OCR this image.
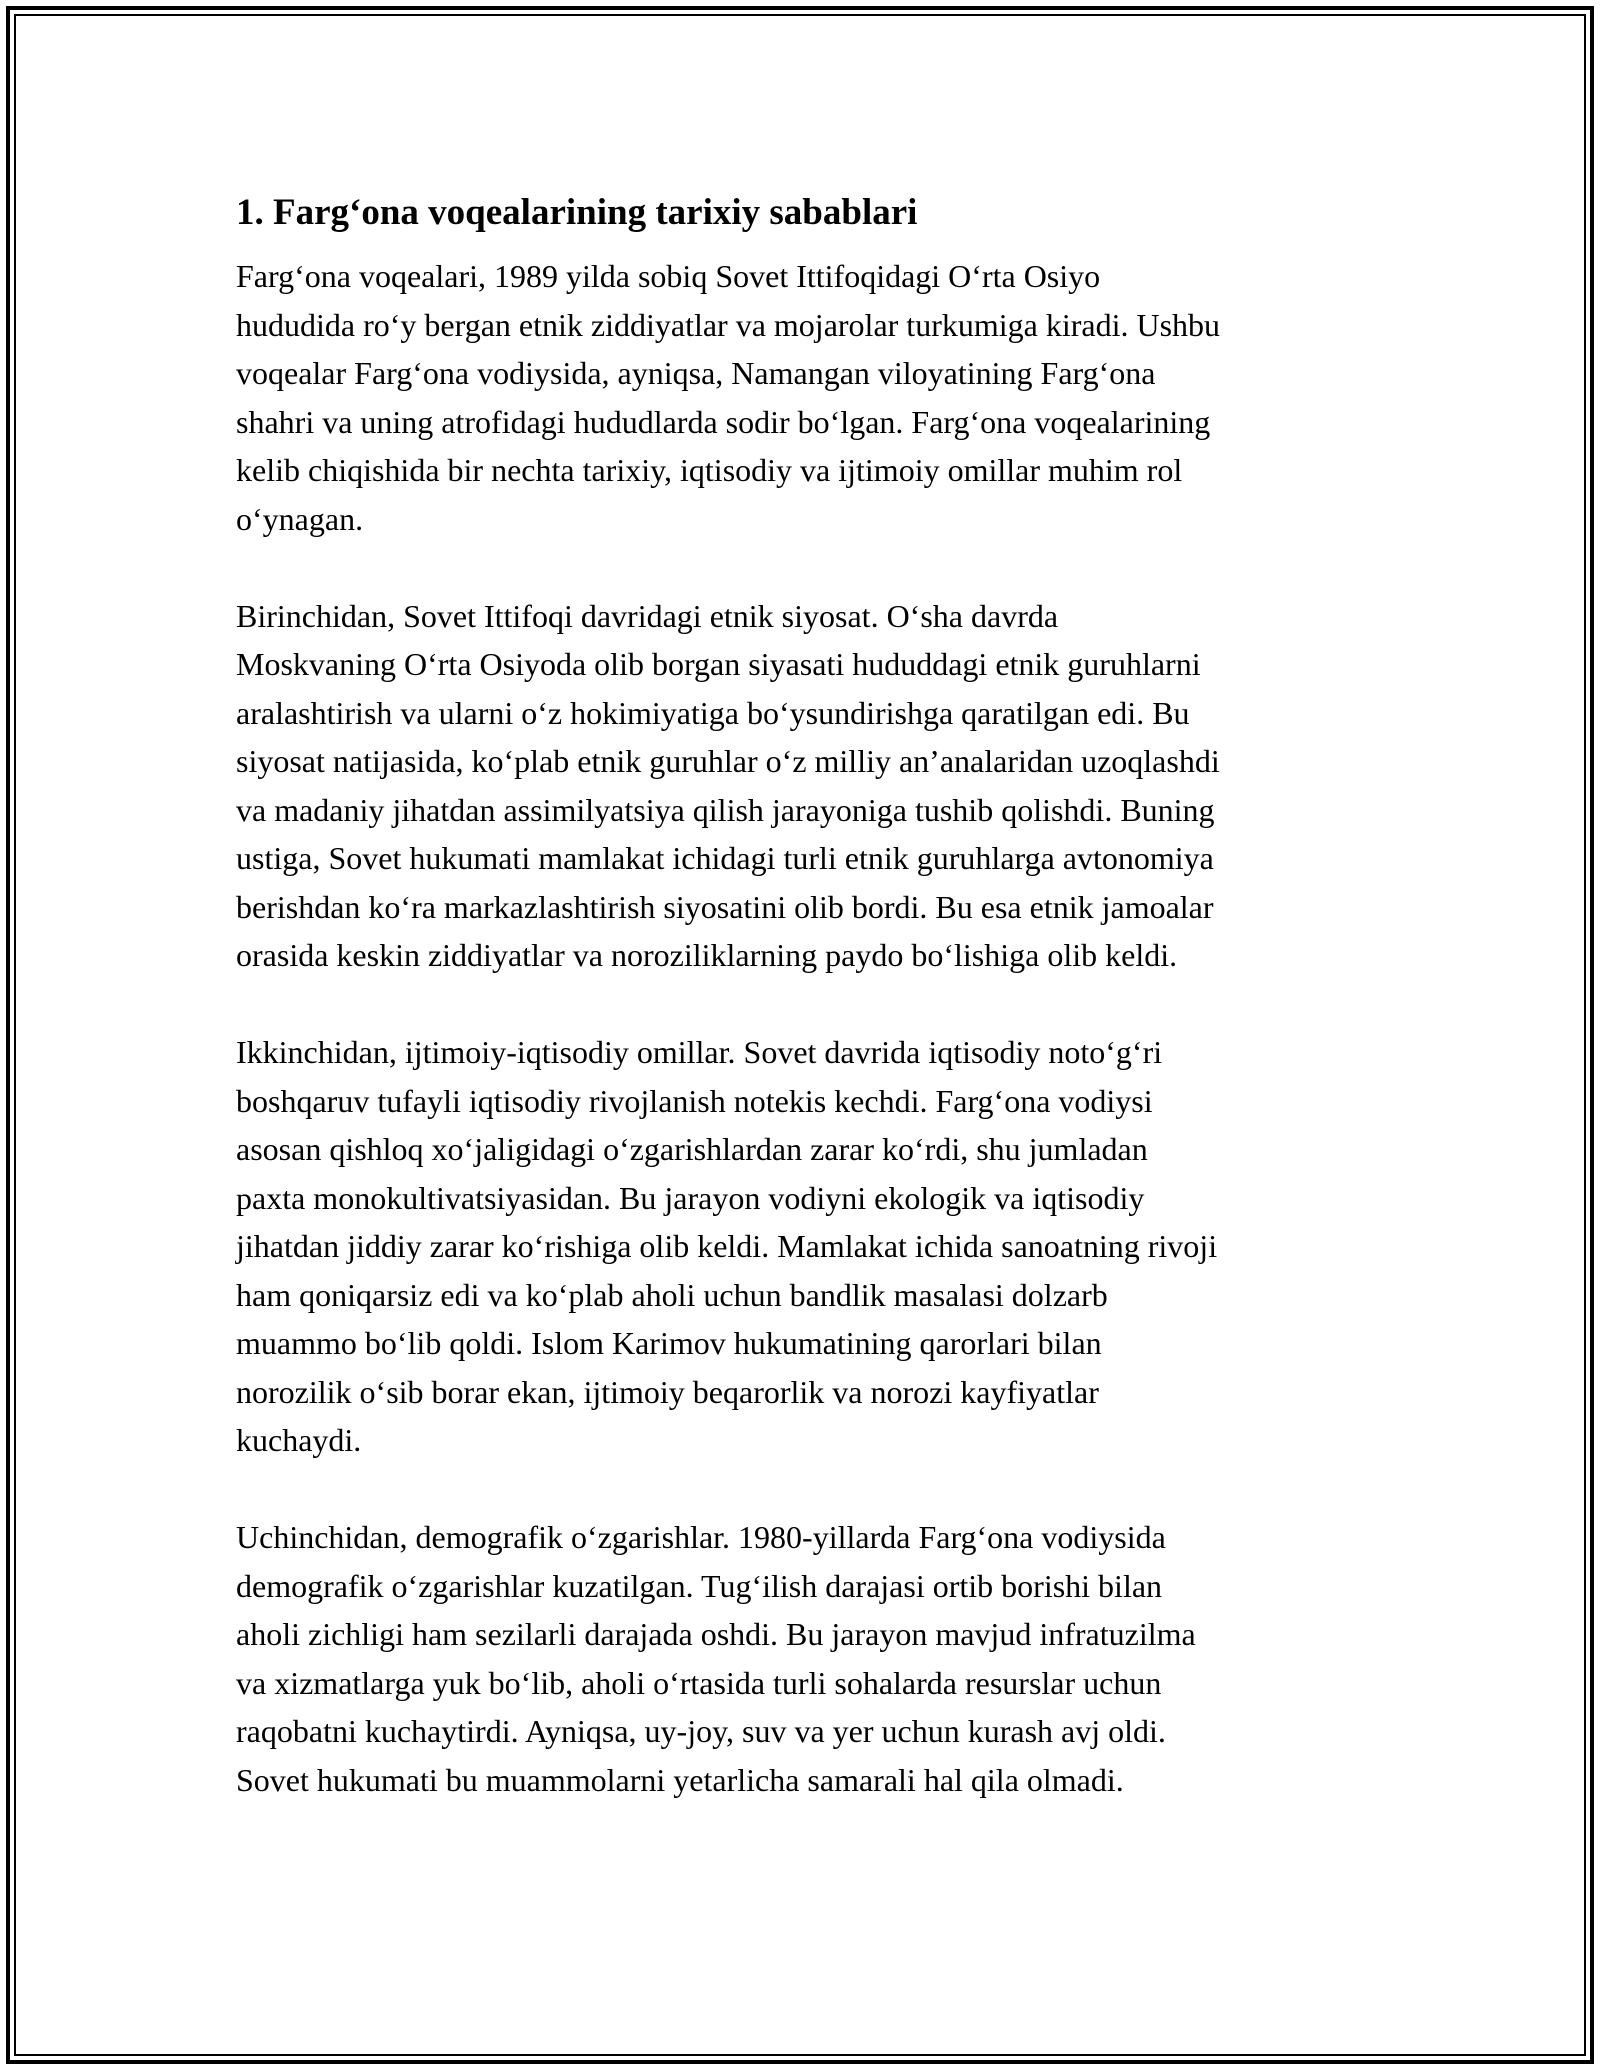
1. Farg‘ona voqealarining tarixiy sabablari
Farg‘ona voqealari, 1989 yilda sobiq Sovet Ittifoqidagi O‘rta Osiyo
hududida ro‘y bergan etnik ziddiyatlar va mojarolar turkumiga kiradi. Ushbu
voqealar Farg‘ona vodiysida, ayniqsa, Namangan viloyatining Farg‘ona
shahri va uning atrofidagi hududlarda sodir bo‘lgan. Farg‘ona voqealarining
kelib chiqishida bir nechta tarixiy, iqtisodiy va ijtimoiy omillar muhim rol
o‘ynagan.
Birinchidan, Sovet Ittifoqi davridagi etnik siyosat. O‘sha davrda
Moskvaning O‘rta Osiyoda olib borgan siyasati hududdagi etnik guruhlarni
aralashtirish va ularni o‘z hokimiyatiga bo‘ysundirishga qaratilgan edi. Bu
siyosat natijasida, ko‘plab etnik guruhlar o‘z milliy an’analaridan uzoqlashdi
va madaniy jihatdan assimilyatsiya qilish jarayoniga tushib qolishdi. Buning
ustiga, Sovet hukumati mamlakat ichidagi turli etnik guruhlarga avtonomiya
berishdan ko‘ra markazlashtirish siyosatini olib bordi. Bu esa etnik jamoalar
orasida keskin ziddiyatlar va noroziliklarning paydo bo‘lishiga olib keldi.
Ikkinchidan, ijtimoiy-iqtisodiy omillar. Sovet davrida iqtisodiy noto‘g‘ri
boshqaruv tufayli iqtisodiy rivojlanish notekis kechdi. Farg‘ona vodiysi
asosan qishloq xo‘jaligidagi o‘zgarishlardan zarar ko‘rdi, shu jumladan
paxta monokultivatsiyasidan. Bu jarayon vodiyni ekologik va iqtisodiy
jihatdan jiddiy zarar ko‘rishiga olib keldi. Mamlakat ichida sanoatning rivoji
ham qoniqarsiz edi va ko‘plab aholi uchun bandlik masalasi dolzarb
muammo bo‘lib qoldi. Islom Karimov hukumatining qarorlari bilan
norozilik o‘sib borar ekan, ijtimoiy beqarorlik va norozi kayfiyatlar
kuchaydi.
Uchinchidan, demografik o‘zgarishlar. 1980-yillarda Farg‘ona vodiysida
demografik o‘zgarishlar kuzatilgan. Tug‘ilish darajasi ortib borishi bilan
aholi zichligi ham sezilarli darajada oshdi. Bu jarayon mavjud infratuzilma
va xizmatlarga yuk bo‘lib, aholi o‘rtasida turli sohalarda resurslar uchun
raqobatni kuchaytirdi. Ayniqsa, uy-joy, suv va yer uchun kurash avj oldi.
Sovet hukumati bu muammolarni yetarlicha samarali hal qila olmadi.
